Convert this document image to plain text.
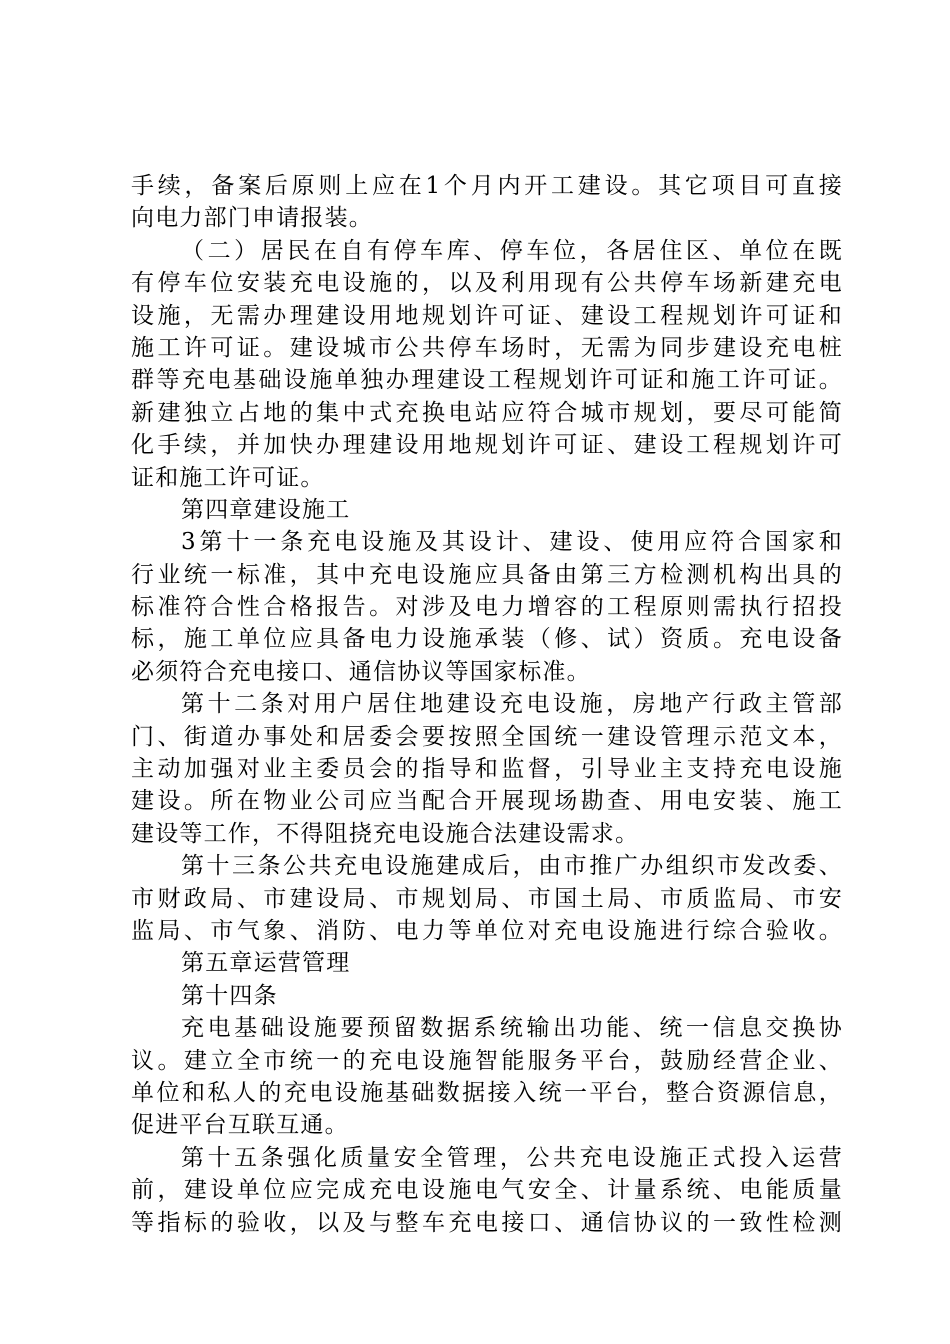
手续，备案后原则上应在1个月内开工建设。其它项目可直接
向电力部门申请报装。
（二）居民在自有停车库、停车位，各居住区、单位在既
有停车位安装充电设施的，以及利用现有公共停车场新建充电
设施，无需办理建设用地规划许可证、建设工程规划许可证和
施工许可证。建设城市公共停车场时，无需为同步建设充电桩
群等充电基础设施单独办理建设工程规划许可证和施工许可证。
新建独立占地的集中式充换电站应符合城市规划，要尽可能简
化手续，并加快办理建设用地规划许可证、建设工程规划许可
证和施工许可证。
第四章建设施工
3第十一条充电设施及其设计、建设、使用应符合国家和
行业统一标准，其中充电设施应具备由第三方检测机构出具的
标准符合性合格报告。对涉及电力增容的工程原则需执行招投
标，施工单位应具备电力设施承装（修、试）资质。充电设备
必须符合充电接口、通信协议等国家标准。
第十二条对用户居住地建设充电设施，房地产行政主管部
门、街道办事处和居委会要按照全国统一建设管理示范文本，
主动加强对业主委员会的指导和监督，引导业主支持充电设施
建设。所在物业公司应当配合开展现场勘查、用电安装、施工
建设等工作，不得阻挠充电设施合法建设需求。
第十三条公共充电设施建成后，由市推广办组织市发改委、
市财政局、市建设局、市规划局、市国土局、市质监局、市安
监局、市气象、消防、电力等单位对充电设施进行综合验收。
第五章运营管理
第十四条
充电基础设施要预留数据系统输出功能、统一信息交换协
议。建立全市统一的充电设施智能服务平台，鼓励经营企业、
单位和私人的充电设施基础数据接入统一平台，整合资源信息，
促进平台互联互通。
第十五条强化质量安全管理，公共充电设施正式投入运营
前，建设单位应完成充电设施电气安全、计量系统、电能质量
等指标的验收，以及与整车充电接口、通信协议的一致性检测
